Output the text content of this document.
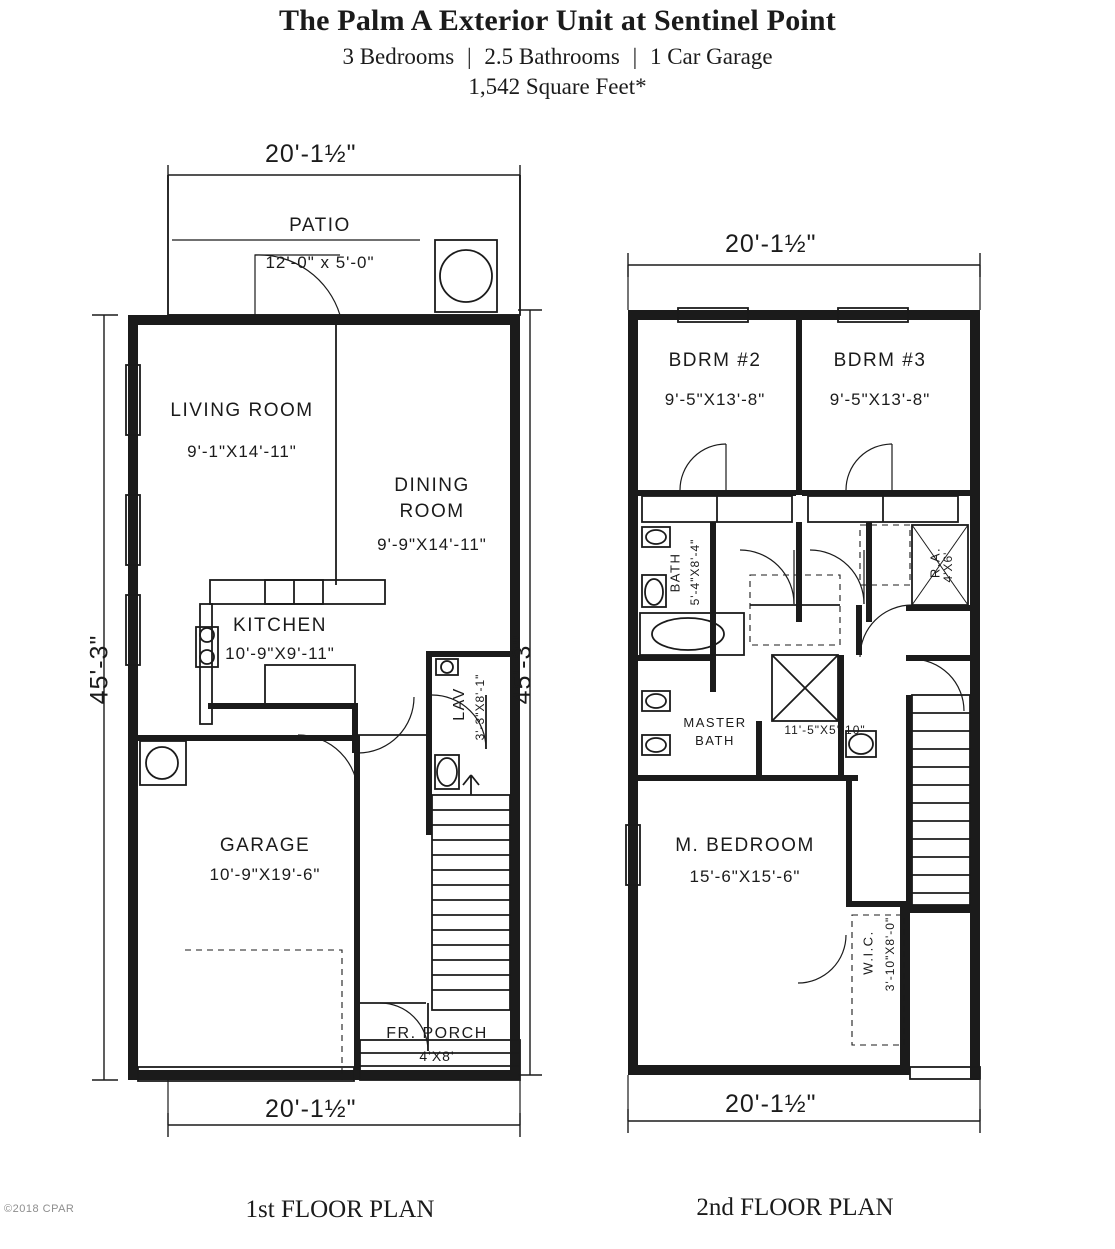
The Palm A Exterior Unit at Sentinel Point
3 Bedrooms | 2.5 Bathrooms | 1 Car Garage
1,542 Square Feet*
20'-1½"
20'-1½"
45'-3"
PATIO
12'-0" x 5'-0"
LIVING ROOM
9'-1"X14'-11"
DINING
ROOM
9'-9"X14'-11"
KITCHEN
10'-9"X9'-11"
LAV 3'-3"X8'-1"
GARAGE
10'-9"X19'-6"
FR. PORCH
4'X8'
20'-1½"
20'-1½"
45'-3"
BDRM #2
9'-5"X13'-8"
BDRM #3
9'-5"X13'-8"
BATH 5'-4"X8'-4"	R.A.
4'X6'
MASTER
BATH
11'-5"X5'-10"
M. BEDROOM
15'-6"X15'-6"
W.I.C. 3'-10"X8'-0"
1st FLOOR PLAN	2nd FLOOR PLAN
©2018 CPAR
